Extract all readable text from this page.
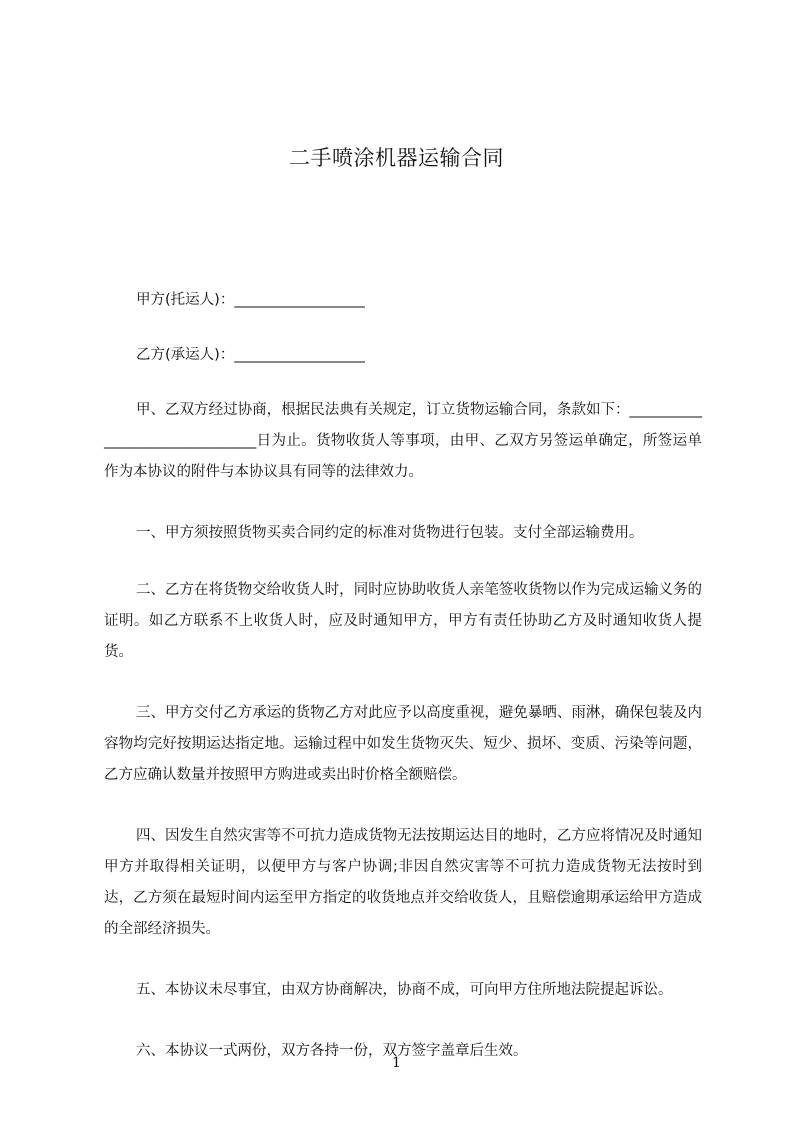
二手喷涂机器运输合同

甲方(托运人)：__________________

乙方(承运人)：__________________

甲、乙双方经过协商，根据民法典有关规定，订立货物运输合同，条款如下：_______________________________日为止。货物收货人等事项，由甲、乙双方另签运单确定，所签运单作为本协议的附件与本协议具有同等的法律效力。

一、甲方须按照货物买卖合同约定的标准对货物进行包装。支付全部运输费用。

二、乙方在将货物交给收货人时，同时应协助收货人亲笔签收货物以作为完成运输义务的证明。如乙方联系不上收货人时，应及时通知甲方，甲方有责任协助乙方及时通知收货人提货。

三、甲方交付乙方承运的货物乙方对此应予以高度重视，避免暴晒、雨淋，确保包装及内容物均完好按期运达指定地。运输过程中如发生货物灭失、短少、损坏、变质、污染等问题，乙方应确认数量并按照甲方购进或卖出时价格全额赔偿。

四、因发生自然灾害等不可抗力造成货物无法按期运达目的地时，乙方应将情况及时通知甲方并取得相关证明，以便甲方与客户协调;非因自然灾害等不可抗力造成货物无法按时到达，乙方须在最短时间内运至甲方指定的收货地点并交给收货人，且赔偿逾期承运给甲方造成的全部经济损失。

五、本协议未尽事宜，由双方协商解决，协商不成，可向甲方住所地法院提起诉讼。

六、本协议一式两份，双方各持一份，双方签字盖章后生效。

1
